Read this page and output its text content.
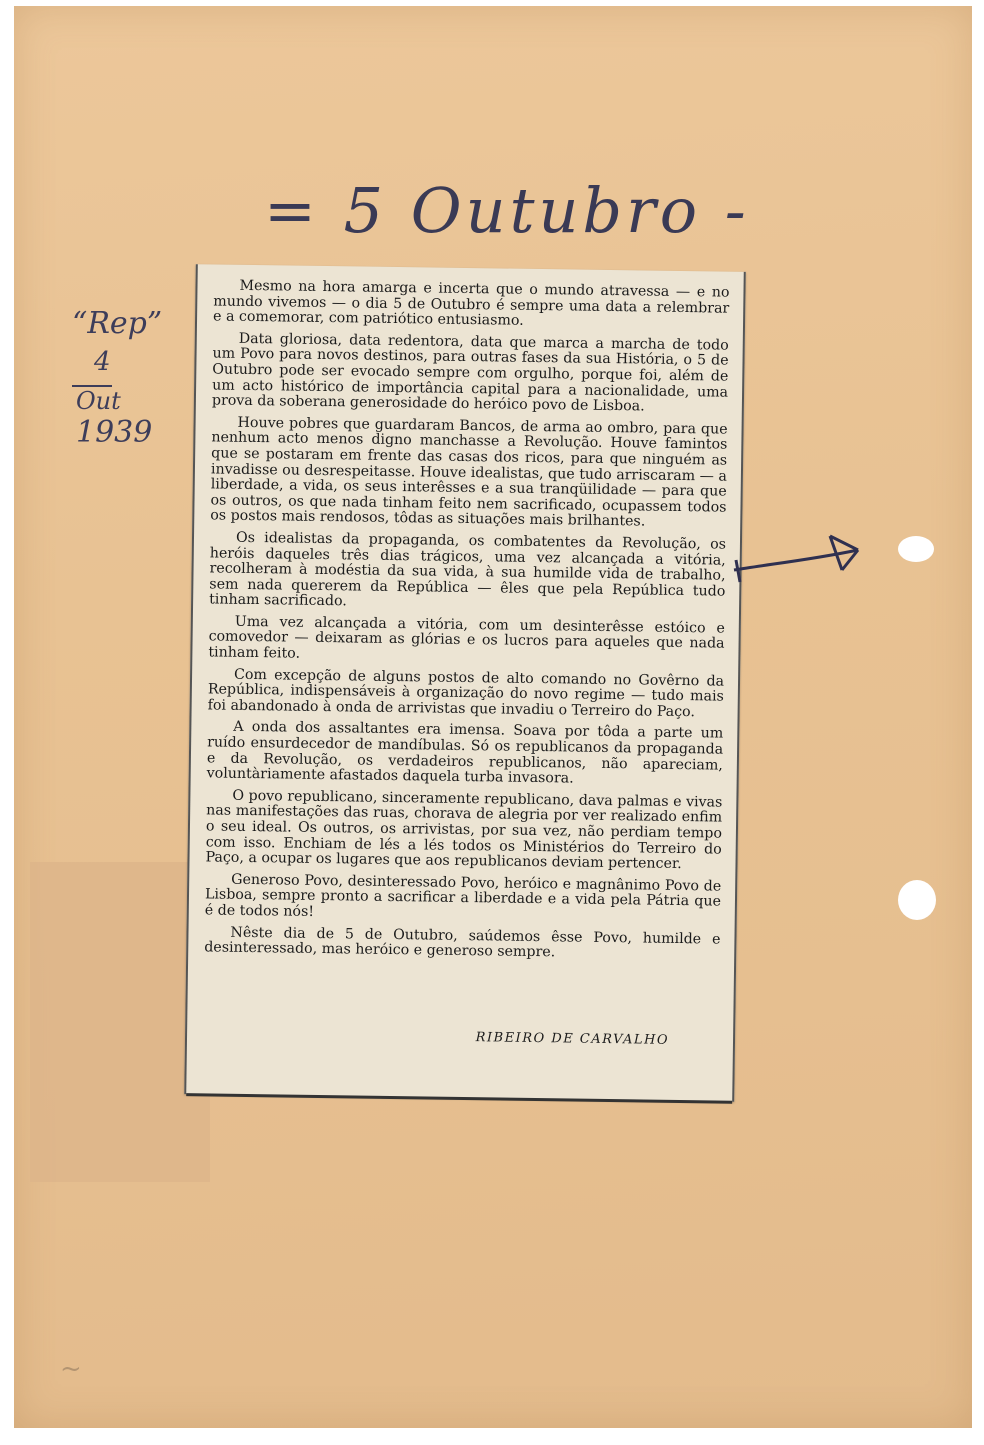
= 5 Outubro -
“Rep”
4
Out
1939

Mesmo na hora amarga e incerta que o mundo atravessa — e no mundo vivemos — o dia 5 de Outubro é sempre uma data a relembrar e a comemorar, com patriótico entusiasmo.

Data gloriosa, data redentora, data que marca a marcha de todo um Povo para novos destinos, para outras fases da sua História, o 5 de Outubro pode ser evocado sempre com orgulho, porque foi, além de um acto histórico de importância capital para a nacionalidade, uma prova da soberana generosidade do heróico povo de Lisboa.

Houve pobres que guardaram Bancos, de arma ao ombro, para que nenhum acto menos digno manchasse a Revolução. Houve famintos que se postaram em frente das casas dos ricos, para que ninguém as invadisse ou desrespeitasse. Houve idealistas, que tudo arriscaram — a liberdade, a vida, os seus interêsses e a sua tranqüilidade — para que os outros, os que nada tinham feito nem sacrificado, ocupassem todos os postos mais rendosos, tôdas as situações mais brilhantes.

Os idealistas da propaganda, os combatentes da Revolução, os heróis daqueles três dias trágicos, uma vez alcançada a vitória, recolheram à modéstia da sua vida, à sua humilde vida de trabalho, sem nada quererem da República — êles que pela República tudo tinham sacrificado.

Uma vez alcançada a vitória, com um desinterêsse estóico e comovedor — deixaram as glórias e os lucros para aqueles que nada tinham feito.

Com excepção de alguns postos de alto comando no Govêrno da República, indispensáveis à organização do novo regime — tudo mais foi abandonado à onda de arrivistas que invadiu o Terreiro do Paço.

A onda dos assaltantes era imensa. Soava por tôda a parte um ruído ensurdecedor de mandíbulas. Só os republicanos da propaganda e da Revolução, os verdadeiros republicanos, não apareciam, voluntàriamente afastados daquela turba invasora.

O povo republicano, sinceramente republicano, dava palmas e vivas nas manifestações das ruas, chorava de alegria por ver realizado enfim o seu ideal. Os outros, os arrivistas, por sua vez, não perdiam tempo com isso. Enchiam de lés a lés todos os Ministérios do Terreiro do Paço, a ocupar os lugares que aos republicanos deviam pertencer.

Generoso Povo, desinteressado Povo, heróico e magnânimo Povo de Lisboa, sempre pronto a sacrificar a liberdade e a vida pela Pátria que é de todos nós!

Nêste dia de 5 de Outubro, saúdemos êsse Povo, humilde e desinteressado, mas heróico e generoso sempre.

RIBEIRO DE CARVALHO
~
